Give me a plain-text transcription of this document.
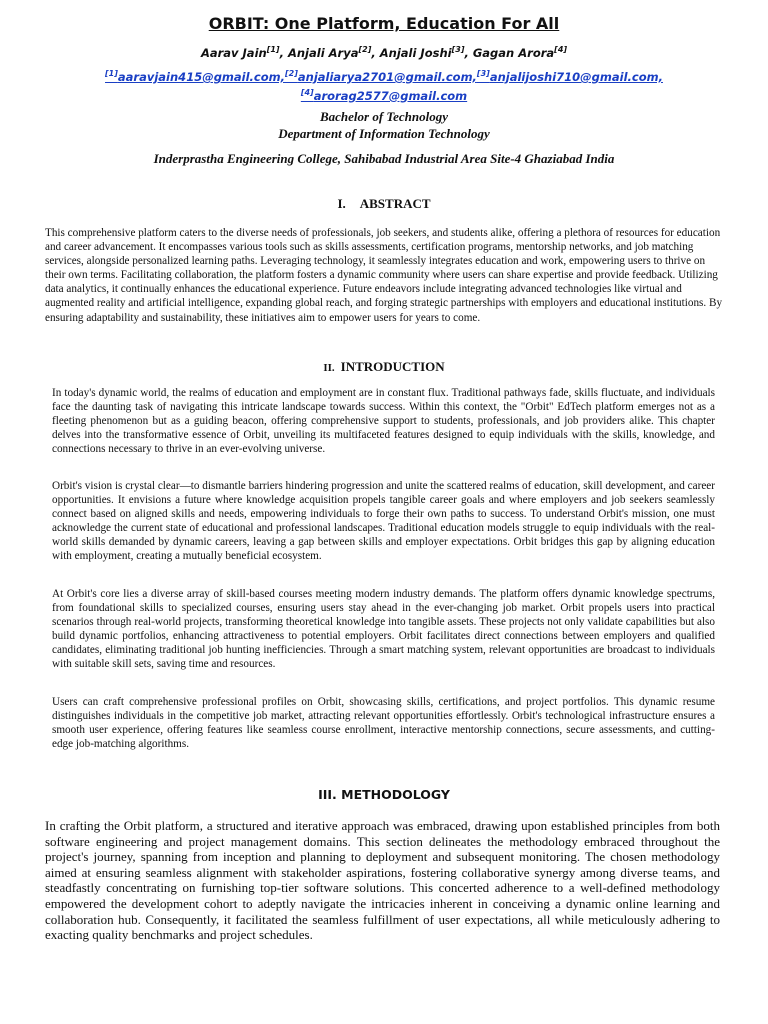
ORBIT: One Platform, Education For All
Aarav Jain[1], Anjali Arya[2], Anjali Joshi[3], Gagan Arora[4]
[1]aaravjain415@gmail.com,[2]anjaliarya2701@gmail.com,[3]anjalijoshi710@gmail.com,
[4]arorag2577@gmail.com
Bachelor of Technology
Department of Information Technology
Inderprastha Engineering College, Sahibabad Industrial Area Site-4 Ghaziabad India
I. ABSTRACT

This comprehensive platform caters to the diverse needs of professionals, job seekers, and students alike, offering a plethora of resources for education and career advancement. It encompasses various tools such as skills assessments, certification programs, mentorship networks, and job matching services, alongside personalized learning paths. Leveraging technology, it seamlessly integrates education and work, empowering users to thrive on their own terms. Facilitating collaboration, the platform fosters a dynamic community where users can share expertise and provide feedback. Utilizing data analytics, it continually enhances the educational experience. Future endeavors include integrating advanced technologies like virtual and augmented reality and artificial intelligence, expanding global reach, and forging strategic partnerships with employers and educational institutions. By ensuring adaptability and sustainability, these initiatives aim to empower users for years to come.

II. INTRODUCTION

In today's dynamic world, the realms of education and employment are in constant flux. Traditional pathways fade, skills fluctuate, and individuals face the daunting task of navigating this intricate landscape towards success. Within this context, the "Orbit" EdTech platform emerges not as a fleeting phenomenon but as a guiding beacon, offering comprehensive support to students, professionals, and job providers alike. This chapter delves into the transformative essence of Orbit, unveiling its multifaceted features designed to equip individuals with the skills, knowledge, and connections necessary to thrive in an ever-evolving universe.

Orbit's vision is crystal clear—to dismantle barriers hindering progression and unite the scattered realms of education, skill development, and career opportunities. It envisions a future where knowledge acquisition propels tangible career goals and where employers and job seekers seamlessly connect based on aligned skills and needs, empowering individuals to forge their own paths to success. To understand Orbit's mission, one must acknowledge the current state of educational and professional landscapes. Traditional education models struggle to equip individuals with the real-world skills demanded by dynamic careers, leaving a gap between skills and employer expectations. Orbit bridges this gap by aligning education with employment, creating a mutually beneficial ecosystem.

At Orbit's core lies a diverse array of skill-based courses meeting modern industry demands. The platform offers dynamic knowledge spectrums, from foundational skills to specialized courses, ensuring users stay ahead in the ever-changing job market. Orbit propels users into practical scenarios through real-world projects, transforming theoretical knowledge into tangible assets. These projects not only validate capabilities but also build dynamic portfolios, enhancing attractiveness to potential employers. Orbit facilitates direct connections between employers and qualified candidates, eliminating traditional job hunting inefficiencies. Through a smart matching system, relevant opportunities are broadcast to individuals with suitable skill sets, saving time and resources.

Users can craft comprehensive professional profiles on Orbit, showcasing skills, certifications, and project portfolios. This dynamic resume distinguishes individuals in the competitive job market, attracting relevant opportunities effortlessly. Orbit's technological infrastructure ensures a smooth user experience, offering features like seamless course enrollment, interactive mentorship connections, secure assessments, and cutting-edge job-matching algorithms.

III. METHODOLOGY

In crafting the Orbit platform, a structured and iterative approach was embraced, drawing upon established principles from both software engineering and project management domains. This section delineates the methodology embraced throughout the project's journey, spanning from inception and planning to deployment and subsequent monitoring. The chosen methodology aimed at ensuring seamless alignment with stakeholder aspirations, fostering collaborative synergy among diverse teams, and steadfastly concentrating on furnishing top-tier software solutions. This concerted adherence to a well-defined methodology empowered the development cohort to adeptly navigate the intricacies inherent in conceiving a dynamic online learning and collaboration hub. Consequently, it facilitated the seamless fulfillment of user expectations, all while meticulously adhering to exacting quality benchmarks and project schedules.
